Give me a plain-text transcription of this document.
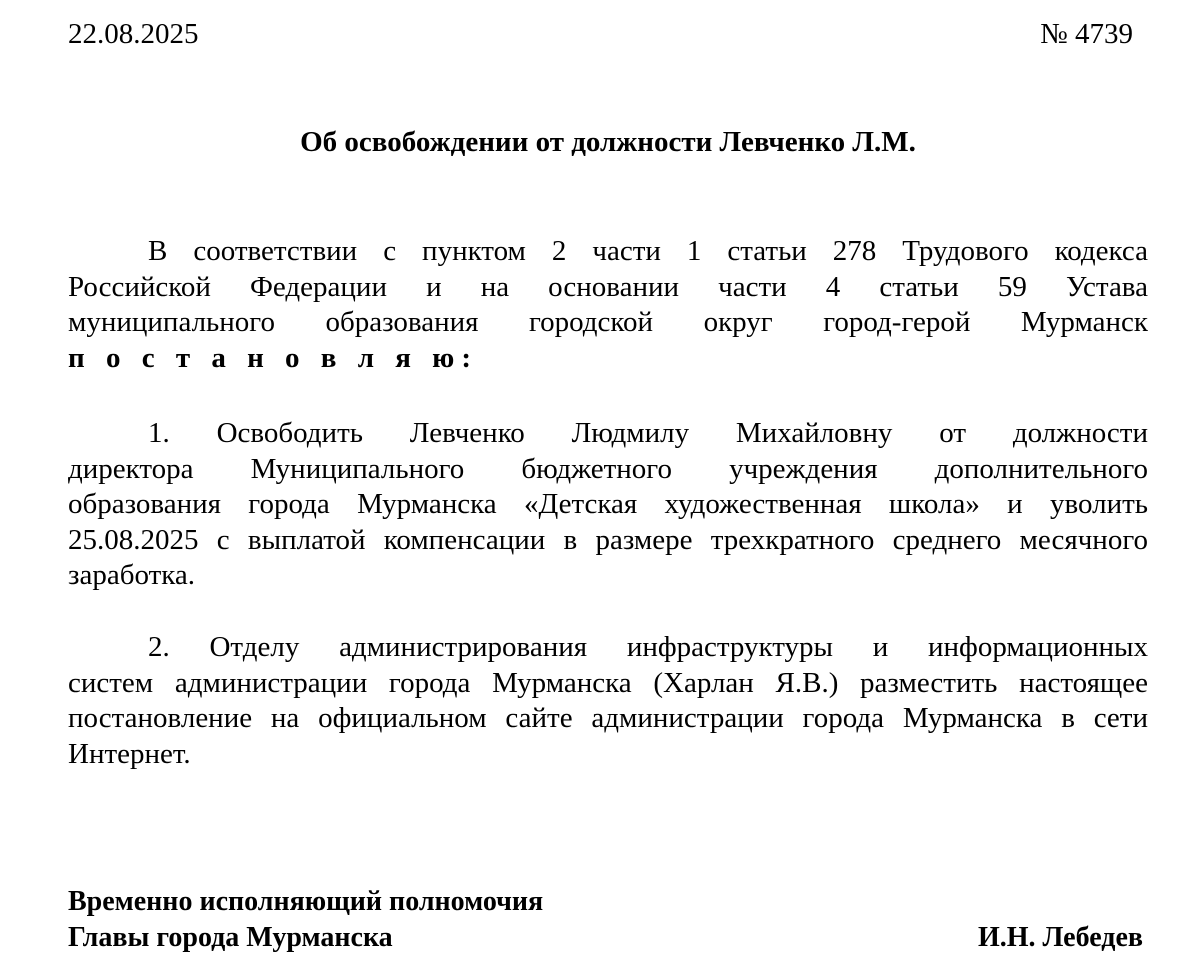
22.08.2025	№ 4739
Об освобождении от должности Левченко Л.М.
В соответствии с пунктом 2 части 1 статьи 278 Трудового кодекса
Российской Федерации и на основании части 4 статьи 59 Устава
муниципального образования городской округ город-герой Мурманск
п о с т а н о в л я ю:
1. Освободить Левченко Людмилу Михайловну от должности
директора Муниципального бюджетного учреждения дополнительного
образования города Мурманска «Детская художественная школа» и уволить
25.08.2025 с выплатой компенсации в размере трехкратного среднего месячного
заработка.
2. Отделу администрирования инфраструктуры и информационных
систем администрации города Мурманска (Харлан Я.В.) разместить настоящее
постановление на официальном сайте администрации города Мурманска в сети
Интернет.
Временно исполняющий полномочия
Главы города Мурманска	И.Н. Лебедев
